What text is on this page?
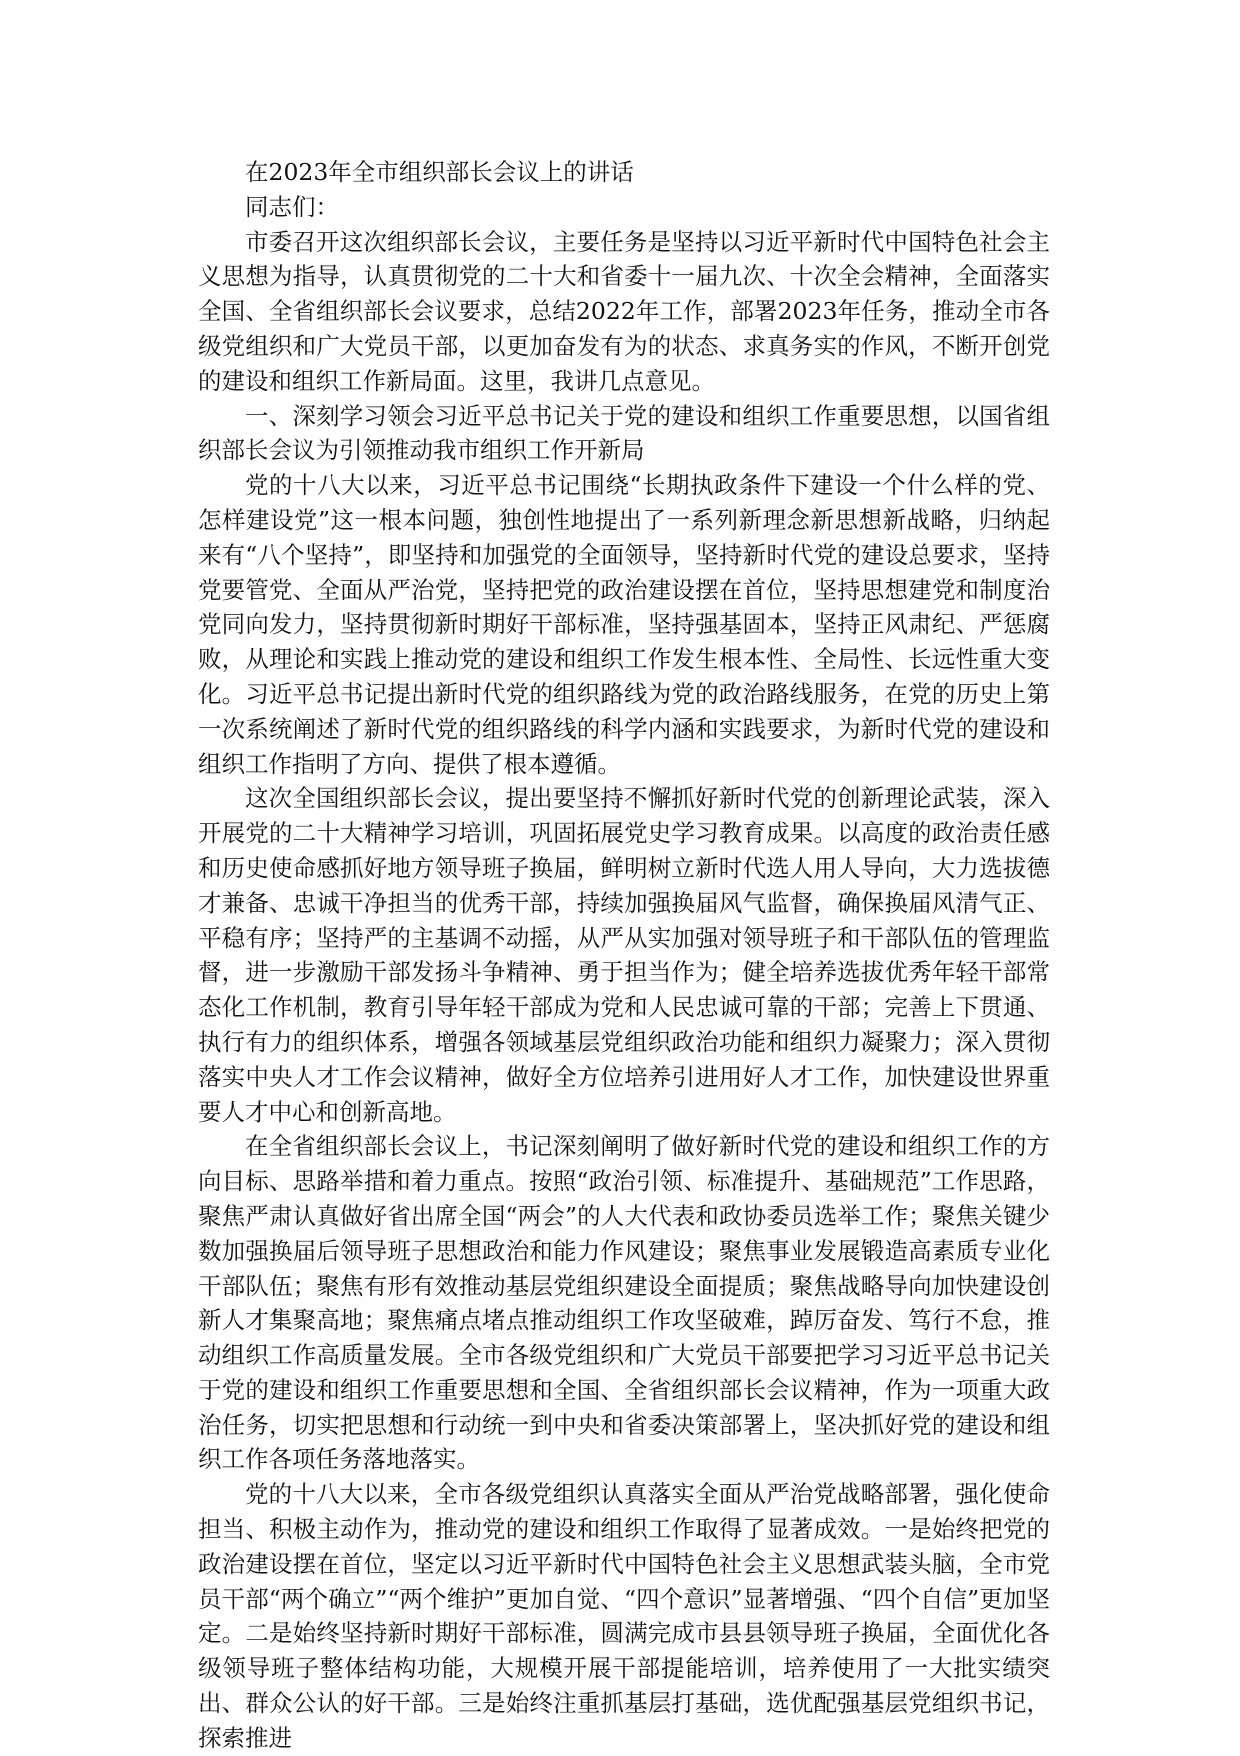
在2023年全市组织部长会议上的讲话

同志们：

市委召开这次组织部长会议，主要任务是坚持以习近平新时代中国特色社会主义思想为指导，认真贯彻党的二十大和省委十一届九次、十次全会精神，全面落实全国、全省组织部长会议要求，总结2022年工作，部署2023年任务，推动全市各级党组织和广大党员干部，以更加奋发有为的状态、求真务实的作风，不断开创党的建设和组织工作新局面。这里，我讲几点意见。

一、深刻学习领会习近平总书记关于党的建设和组织工作重要思想，以国省组织部长会议为引领推动我市组织工作开新局

党的十八大以来，习近平总书记围绕“长期执政条件下建设一个什么样的党、怎样建设党”这一根本问题，独创性地提出了一系列新理念新思想新战略，归纳起来有“八个坚持”，即坚持和加强党的全面领导，坚持新时代党的建设总要求，坚持党要管党、全面从严治党，坚持把党的政治建设摆在首位，坚持思想建党和制度治党同向发力，坚持贯彻新时期好干部标准，坚持强基固本，坚持正风肃纪、严惩腐败，从理论和实践上推动党的建设和组织工作发生根本性、全局性、长远性重大变化。习近平总书记提出新时代党的组织路线为党的政治路线服务，在党的历史上第一次系统阐述了新时代党的组织路线的科学内涵和实践要求，为新时代党的建设和组织工作指明了方向、提供了根本遵循。

这次全国组织部长会议，提出要坚持不懈抓好新时代党的创新理论武装，深入开展党的二十大精神学习培训，巩固拓展党史学习教育成果。以高度的政治责任感和历史使命感抓好地方领导班子换届，鲜明树立新时代选人用人导向，大力选拔德才兼备、忠诚干净担当的优秀干部，持续加强换届风气监督，确保换届风清气正、平稳有序；坚持严的主基调不动摇，从严从实加强对领导班子和干部队伍的管理监督，进一步激励干部发扬斗争精神、勇于担当作为；健全培养选拔优秀年轻干部常态化工作机制，教育引导年轻干部成为党和人民忠诚可靠的干部；完善上下贯通、执行有力的组织体系，增强各领域基层党组织政治功能和组织力凝聚力；深入贯彻落实中央人才工作会议精神，做好全方位培养引进用好人才工作，加快建设世界重要人才中心和创新高地。

在全省组织部长会议上，书记深刻阐明了做好新时代党的建设和组织工作的方向目标、思路举措和着力重点。按照“政治引领、标准提升、基础规范”工作思路，聚焦严肃认真做好省出席全国“两会”的人大代表和政协委员选举工作；聚焦关键少数加强换届后领导班子思想政治和能力作风建设；聚焦事业发展锻造高素质专业化干部队伍；聚焦有形有效推动基层党组织建设全面提质；聚焦战略导向加快建设创新人才集聚高地；聚焦痛点堵点推动组织工作攻坚破难，踔厉奋发、笃行不怠，推动组织工作高质量发展。全市各级党组织和广大党员干部要把学习习近平总书记关于党的建设和组织工作重要思想和全国、全省组织部长会议精神，作为一项重大政治任务，切实把思想和行动统一到中央和省委决策部署上，坚决抓好党的建设和组织工作各项任务落地落实。

党的十八大以来，全市各级党组织认真落实全面从严治党战略部署，强化使命担当、积极主动作为，推动党的建设和组织工作取得了显著成效。一是始终把党的政治建设摆在首位，坚定以习近平新时代中国特色社会主义思想武装头脑，全市党员干部“两个确立”“两个维护”更加自觉、“四个意识”显著增强、“四个自信”更加坚定。二是始终坚持新时期好干部标准，圆满完成市县县领导班子换届，全面优化各级领导班子整体结构功能，大规模开展干部提能培训，培养使用了一大批实绩突出、群众公认的好干部。三是始终注重抓基层打基础，选优配强基层党组织书记，探索推进
